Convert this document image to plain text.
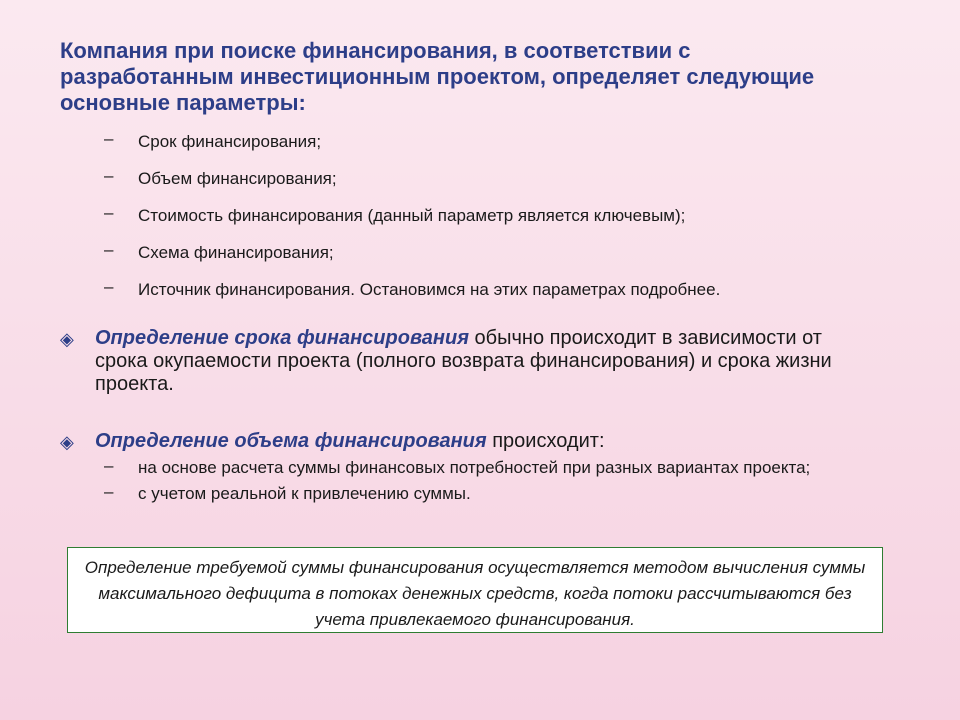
Компания при поиске финансирования, в соответствии с разработанным инвестиционным проектом, определяет следующие основные параметры:
– Срок финансирования;
– Объем финансирования;
– Стоимость финансирования (данный параметр является ключевым);
– Схема финансирования;
– Источник финансирования. Остановимся на этих параметрах подробнее.
◈	Определение срока финансирования обычно происходит в зависимости от срока окупаемости проекта (полного возврата финансирования) и срока жизни проекта.
◈	Определение объема финансирования происходит:
– на основе расчета суммы финансовых потребностей при разных вариантах проекта;
– с учетом реальной к привлечению суммы.
Определение требуемой суммы финансирования осуществляется методом вычисления суммы максимального дефицита в потоках денежных средств, когда потоки рассчитываются без учета привлекаемого финансирования.
